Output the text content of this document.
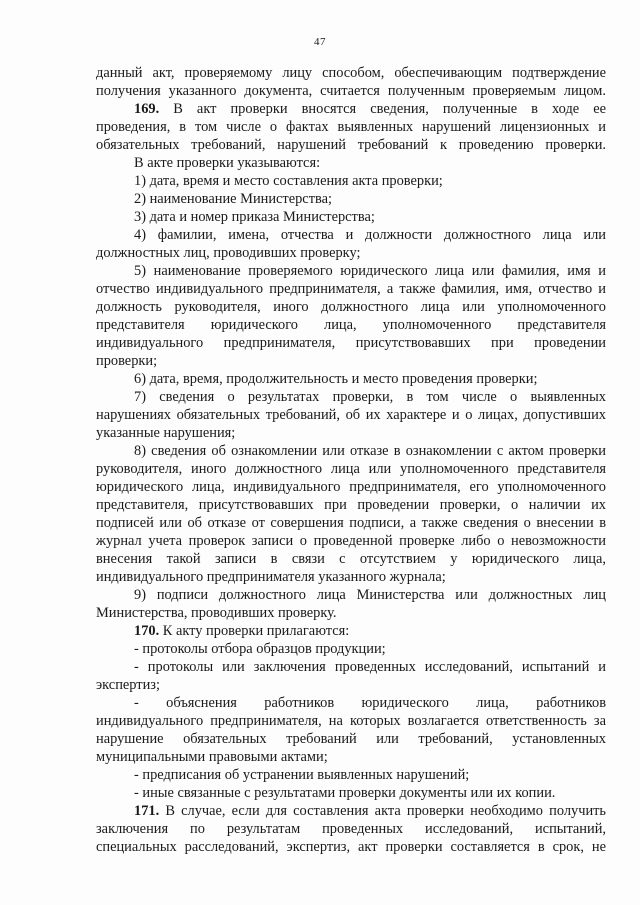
47
данный акт, проверяемому лицу способом, обеспечивающим подтверждение
получения указанного документа, считается полученным проверяемым лицом.
169. В акт проверки вносятся сведения, полученные в ходе ее
проведения, в том числе о фактах выявленных нарушений лицензионных и
обязательных требований, нарушений требований к проведению проверки.
В акте проверки указываются:
1) дата, время и место составления акта проверки;
2) наименование Министерства;
3) дата и номер приказа Министерства;
4) фамилии, имена, отчества и должности должностного лица или
должностных лиц, проводивших проверку;
5) наименование проверяемого юридического лица или фамилия, имя и
отчество индивидуального предпринимателя, а также фамилия, имя, отчество и
должность руководителя, иного должностного лица или уполномоченного
представителя юридического лица, уполномоченного представителя
индивидуального предпринимателя, присутствовавших при проведении
проверки;
6) дата, время, продолжительность и место проведения проверки;
7) сведения о результатах проверки, в том числе о выявленных
нарушениях обязательных требований, об их характере и о лицах, допустивших
указанные нарушения;
8) сведения об ознакомлении или отказе в ознакомлении с актом проверки
руководителя, иного должностного лица или уполномоченного представителя
юридического лица, индивидуального предпринимателя, его уполномоченного
представителя, присутствовавших при проведении проверки, о наличии их
подписей или об отказе от совершения подписи, а также сведения о внесении в
журнал учета проверок записи о проведенной проверке либо о невозможности
внесения такой записи в связи с отсутствием у юридического лица,
индивидуального предпринимателя указанного журнала;
9) подписи должностного лица Министерства или должностных лиц
Министерства, проводивших проверку.
170. К акту проверки прилагаются:
- протоколы отбора образцов продукции;
- протоколы или заключения проведенных исследований, испытаний и
экспертиз;
- объяснения работников юридического лица, работников
индивидуального предпринимателя, на которых возлагается ответственность за
нарушение обязательных требований или требований, установленных
муниципальными правовыми актами;
- предписания об устранении выявленных нарушений;
- иные связанные с результатами проверки документы или их копии.
171. В случае, если для составления акта проверки необходимо получить
заключения по результатам проведенных исследований, испытаний,
специальных расследований, экспертиз, акт проверки составляется в срок, не
